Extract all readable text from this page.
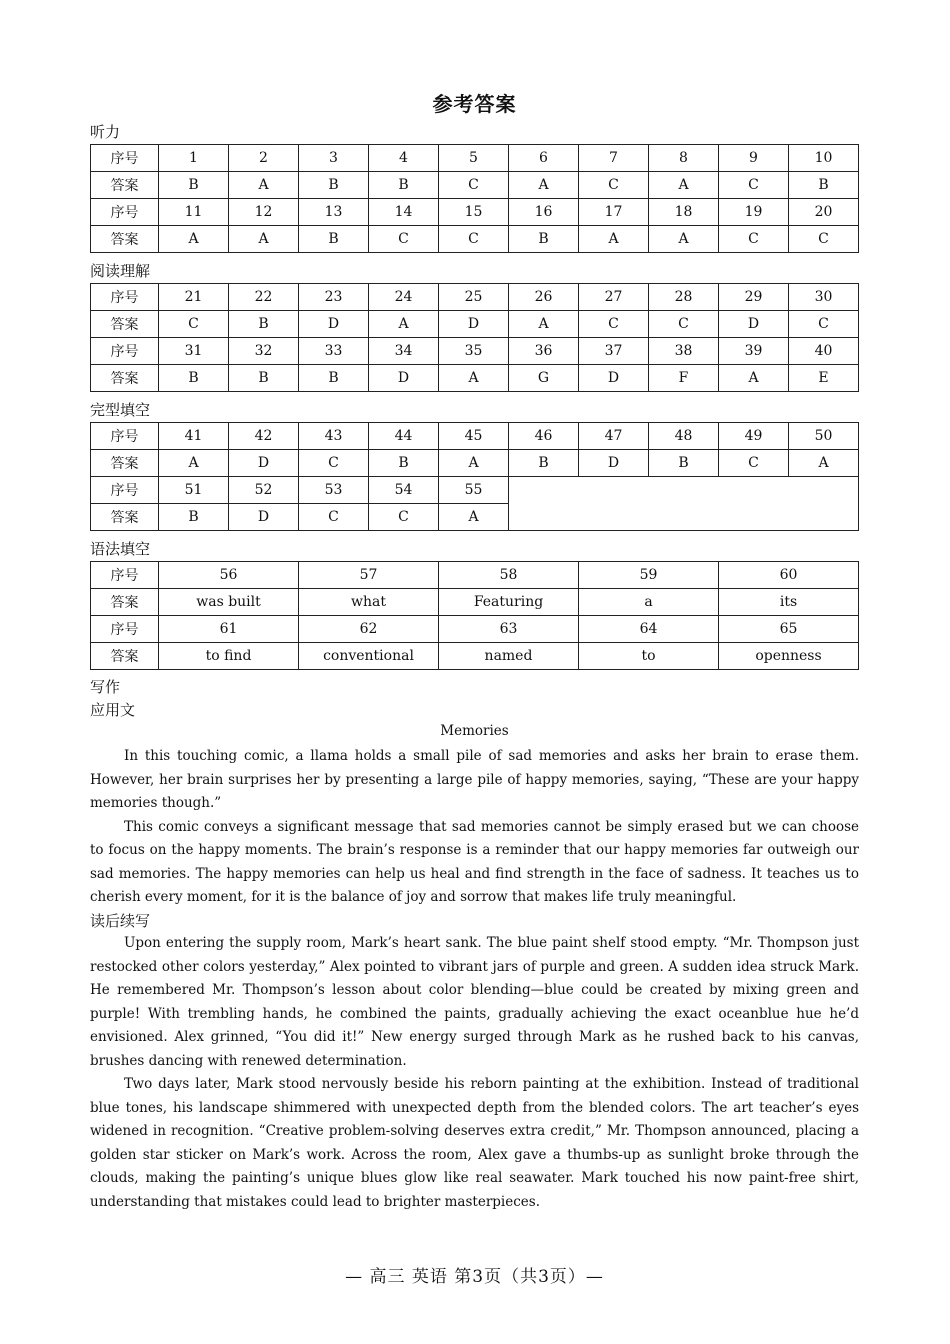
参考答案
听力
序号	1	2	3	4	5	6	7	8	9	10
答案	B	A	B	B	C	A	C	A	C	B
序号	11	12	13	14	15	16	17	18	19	20
答案	A	A	B	C	C	B	A	A	C	C
阅读理解
序号	21	22	23	24	25	26	27	28	29	30
答案	C	B	D	A	D	A	C	C	D	C
序号	31	32	33	34	35	36	37	38	39	40
答案	B	B	B	D	A	G	D	F	A	E
完型填空
序号	41	42	43	44	45	46	47	48	49	50
答案	A	D	C	B	A	B	D	B	C	A
序号	51	52	53	54	55					
答案	B	D	C	C	A					
语法填空
序号	56	57	58	59	60
答案	was built	what	Featuring	a	its
序号	61	62	63	64	65
答案	to find	conventional	named	to	openness
写作
应用文
Memories

In this touching comic, a llama holds a small pile of sad memories and asks her brain to erase them. However, her brain surprises her by presenting a large pile of happy memories, saying, “These are your happy memories though.”

This comic conveys a significant message that sad memories cannot be simply erased but we can choose to focus on the happy moments. The brain’s response is a reminder that our happy memories far outweigh our sad memories. The happy memories can help us heal and find strength in the face of sadness. It teaches us to cherish every moment, for it is the balance of joy and sorrow that makes life truly meaningful.

读后续写

Upon entering the supply room, Mark’s heart sank. The blue paint shelf stood empty. “Mr. Thompson just restocked other colors yesterday,” Alex pointed to vibrant jars of purple and green. A sudden idea struck Mark. He remembered Mr. Thompson’s lesson about color blending—blue could be created by mixing green and purple! With trembling hands, he combined the paints, gradually achieving the exact oceanblue hue he’d envisioned. Alex grinned, “You did it!” New energy surged through Mark as he rushed back to his canvas, brushes dancing with renewed determination.

Two days later, Mark stood nervously beside his reborn painting at the exhibition. Instead of traditional blue tones, his landscape shimmered with unexpected depth from the blended colors. The art teacher’s eyes widened in recognition. “Creative problem-solving deserves extra credit,” Mr. Thompson announced, placing a golden star sticker on Mark’s work. Across the room, Alex gave a thumbs-up as sunlight broke through the clouds, making the painting’s unique blues glow like real seawater. Mark touched his now paint-free shirt, understanding that mistakes could lead to brighter masterpieces.

— 高三 英语 第3页（共3页）—
